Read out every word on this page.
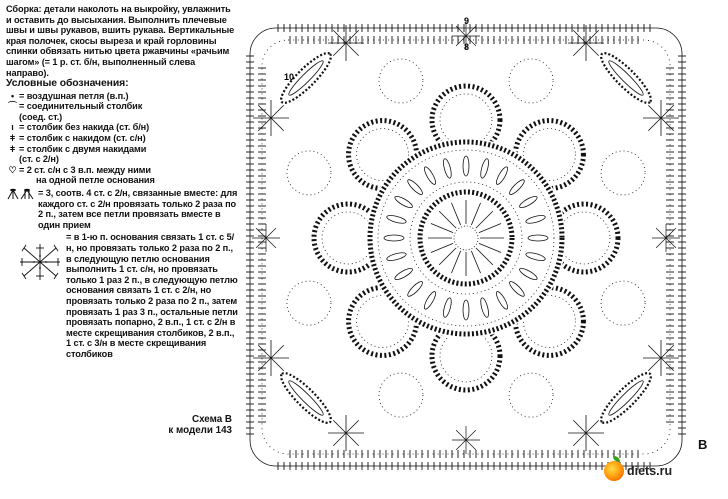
Сборка: детали наколоть на выкройку, увлажнить и оставить до высыхания. Выполнить плечевые швы и швы рукавов, вшить рукава. Вертикальные края полочек, скосы выреза и край горловины спинки обвязать нитью цвета ржавчины «рачьим шагом» (= 1 р. ст. б/н, выполненный слева направо).

Условные обозначения:

• = воздушная петля (в.п.)
⌒ = соединительный столбик
(соед. ст.)
ı = столбик без накида (ст. б/н)
ǂ = столбик с накидом (ст. с/н)
ǂ = столбик с двумя накидами
(ст. с 2/н)
♡ = 2 ст. с/н с 3 в.п. между ними
на одной петле основания
= 3, соотв. 4 ст. с 2/н, связанные вместе: для каждого ст. с 2/н провязать только 2 раза по 2 п., затем все петли провязать вместе в один прием

= в 1-ю п. основания связать 1 ст. с 5/н, но провязать только 2 раза по 2 п., в следующую петлю основания выполнить 1 ст. с/н, но провязать только 1 раз 2 п., в следующую петлю основания связать 1 ст. с 2/н, но провязать только 2 раза по 2 п., затем провязать 1 раз 3 п., остальные петли провязать попарно, 2 в.п., 1 ст. с 2/н в месте скрещивания столбиков, 2 в.п., 1 ст. с 3/н в месте скрещивания столбиков

Схема В
к модели 143
9
8
10
В
diets.ru
